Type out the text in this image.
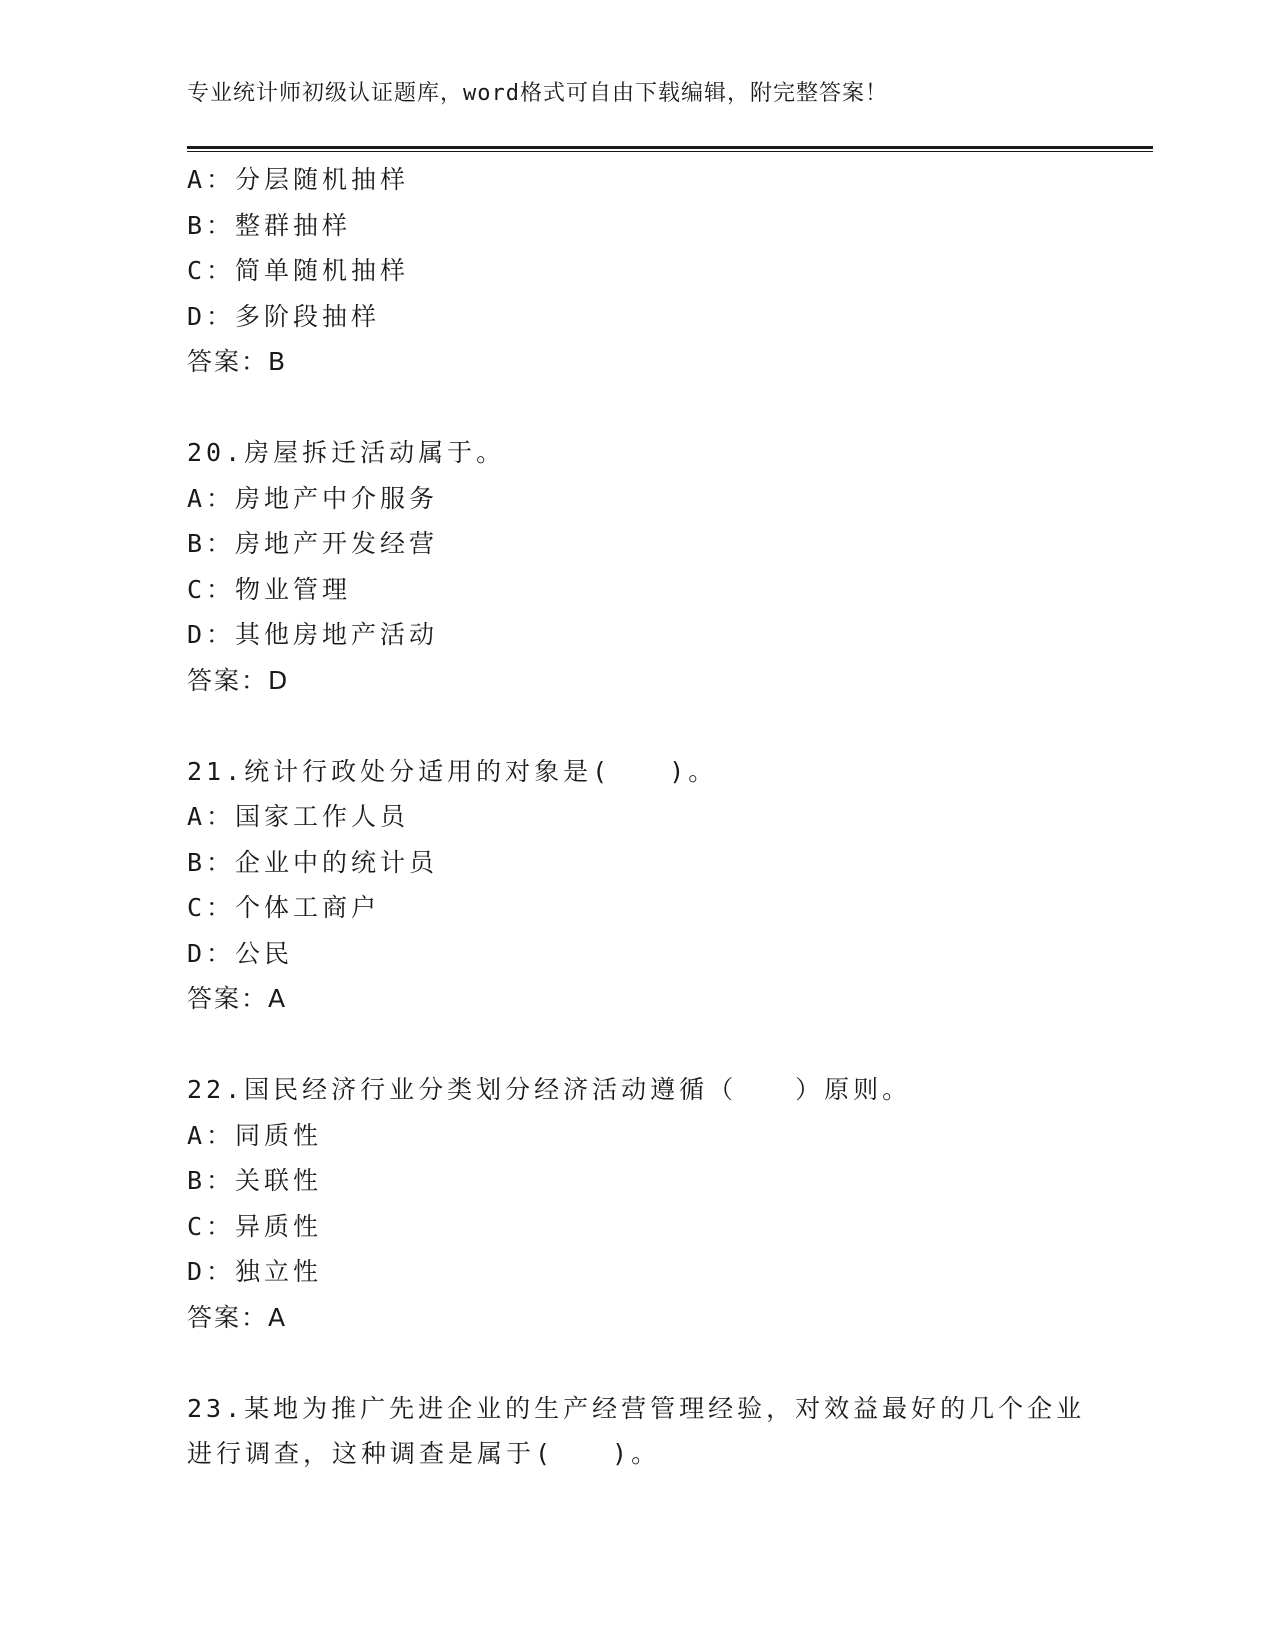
专业统计师初级认证题库，word格式可自由下载编辑，附完整答案！
A：分层随机抽样
B：整群抽样
C：简单随机抽样
D：多阶段抽样
答案：B
20.房屋拆迁活动属于。
A：房地产中介服务
B：房地产开发经营
C：物业管理
D：其他房地产活动
答案：D
21.统计行政处分适用的对象是(　　)。
A：国家工作人员
B：企业中的统计员
C：个体工商户
D：公民
答案：A
22.国民经济行业分类划分经济活动遵循（　　）原则。
A：同质性
B：关联性
C：异质性
D：独立性
答案：A
23.某地为推广先进企业的生产经营管理经验，对效益最好的几个企业
进行调查，这种调查是属于(　　)。
